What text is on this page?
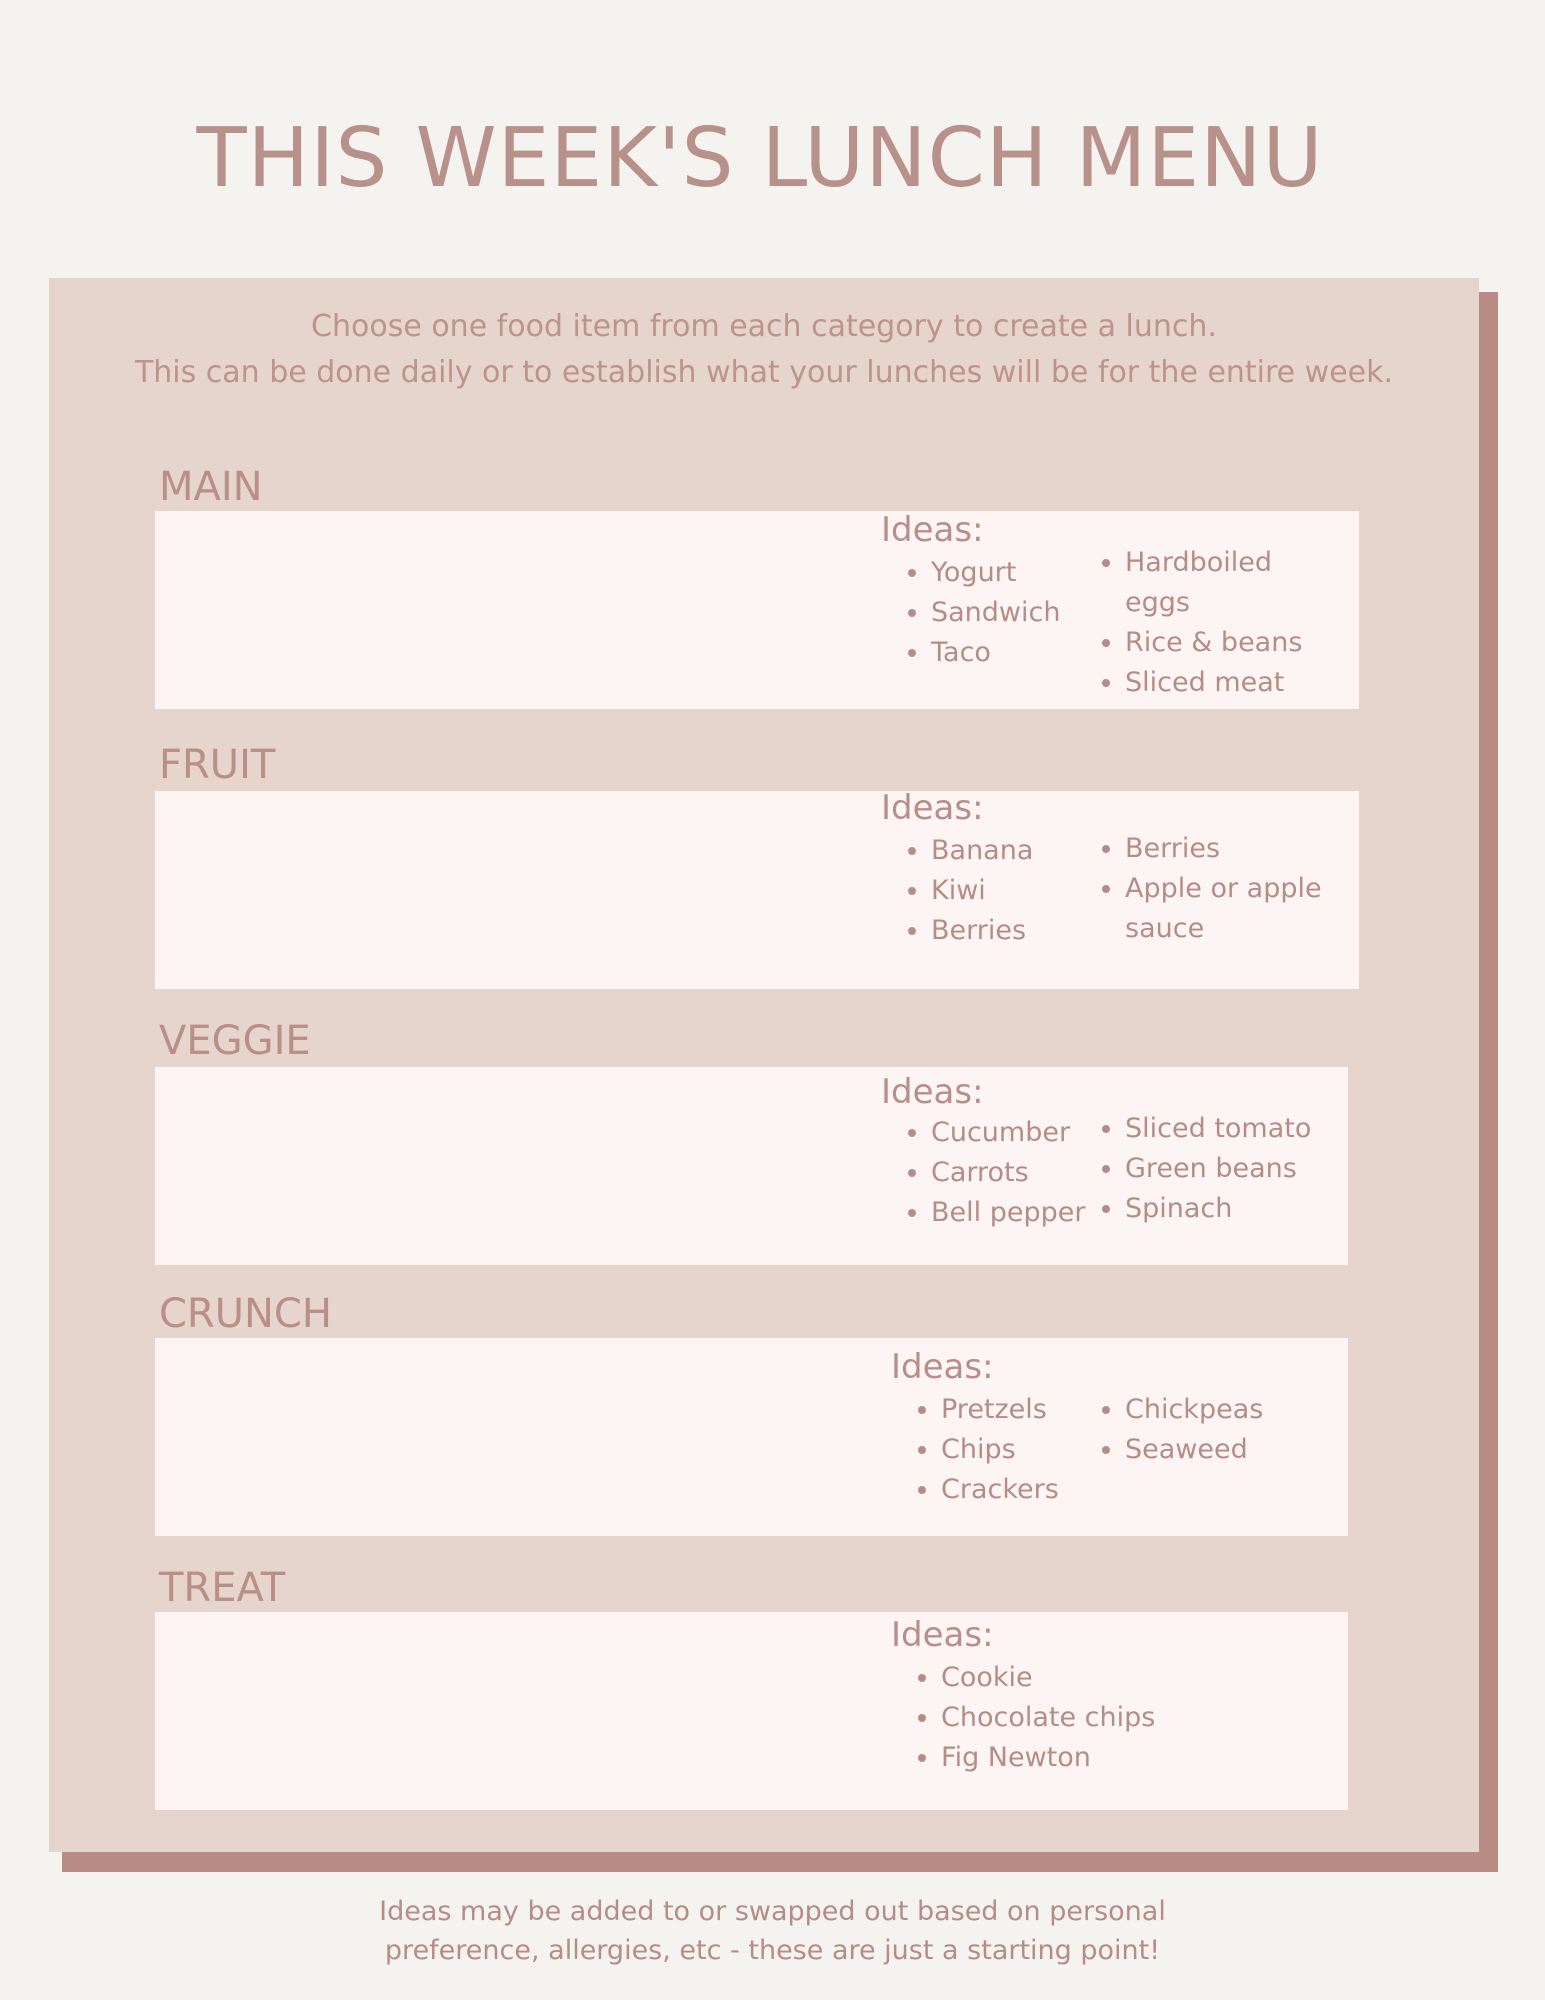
THIS WEEK'S LUNCH MENU
Choose one food item from each category to create a lunch.
This can be done daily or to establish what your lunches will be for the entire week.
MAIN
Ideas:
• Yogurt
• Sandwich
• Taco
• Hardboiled eggs
• Rice & beans
• Sliced meat
FRUIT
Ideas:
• Banana
• Kiwi
• Berries
• Berries
• Apple or apple sauce
VEGGIE
Ideas:
• Cucumber
• Carrots
• Bell pepper
• Sliced tomato
• Green beans
• Spinach
CRUNCH
Ideas:
• Pretzels
• Chips
• Crackers
• Chickpeas
• Seaweed
TREAT
Ideas:
• Cookie
• Chocolate chips
• Fig Newton
Ideas may be added to or swapped out based on personal
preference, allergies, etc - these are just a starting point!
